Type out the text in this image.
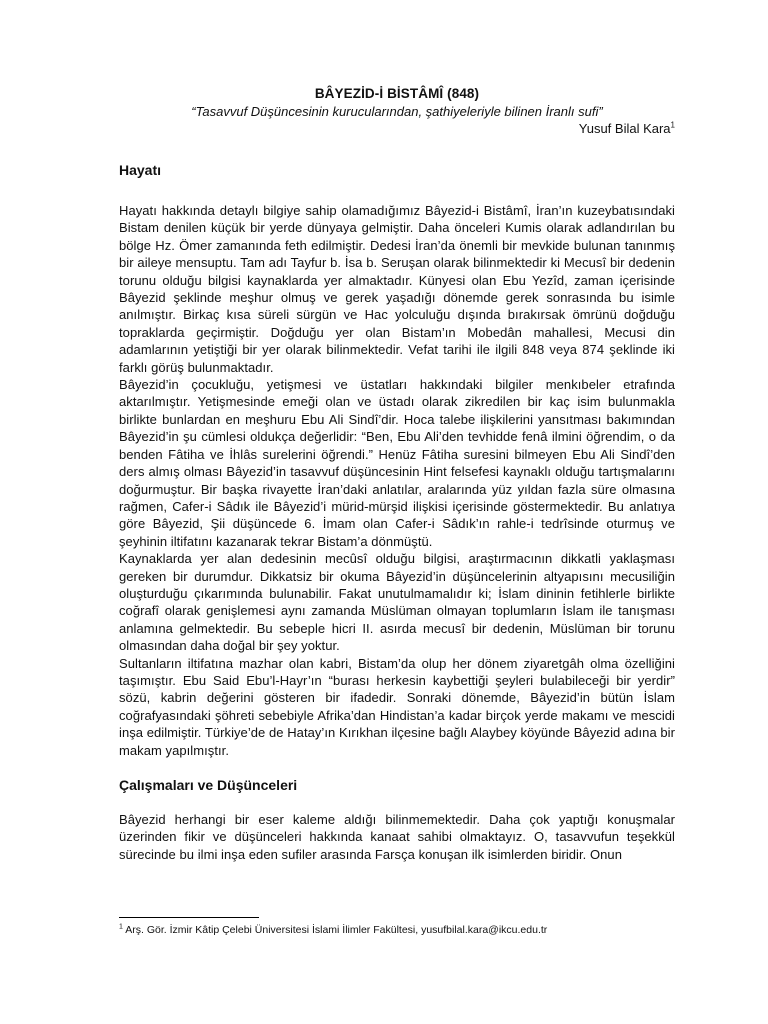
BÂYEZİD-İ BİSTÂMÎ (848)

“Tasavvuf Düşüncesinin kurucularından, şathiyeleriyle bilinen İranlı sufi”

Yusuf Bilal Kara$^1$

Hayatı

Hayatı hakkında detaylı bilgiye sahip olamadığımız Bâyezid-i Bistâmî, İran’ın kuzeybatısındaki Bistam denilen küçük bir yerde dünyaya gelmiştir. Daha önceleri Kumis olarak adlandırılan bu bölge Hz. Ömer zamanında feth edilmiştir. Dedesi İran’da önemli bir mevkide bulunan tanınmış bir aileye mensuptu. Tam adı Tayfur b. İsa b. Seruşan olarak bilinmektedir ki Mecusî bir dedenin torunu olduğu bilgisi kaynaklarda yer almaktadır. Künyesi olan Ebu Yezîd, zaman içerisinde Bâyezid şeklinde meşhur olmuş ve gerek yaşadığı dönemde gerek sonrasında bu isimle anılmıştır. Birkaç kısa süreli sürgün ve Hac yolculuğu dışında bırakırsak ömrünü doğduğu topraklarda geçirmiştir. Doğduğu yer olan Bistam’ın Mobedân mahallesi, Mecusi din adamlarının yetiştiği bir yer olarak bilinmektedir. Vefat tarihi ile ilgili 848 veya 874 şeklinde iki farklı görüş bulunmaktadır.

Bâyezid’in çocukluğu, yetişmesi ve üstatları hakkındaki bilgiler menkıbeler etrafında aktarılmıştır. Yetişmesinde emeği olan ve üstadı olarak zikredilen bir kaç isim bulunmakla birlikte bunlardan en meşhuru Ebu Ali Sindî’dir. Hoca talebe ilişkilerini yansıtması bakımından Bâyezid’in şu cümlesi oldukça değerlidir: “Ben, Ebu Ali’den tevhidde fenâ ilmini öğrendim, o da benden Fâtiha ve İhlâs surelerini öğrendi.” Henüz Fâtiha suresini bilmeyen Ebu Ali Sindî’den ders almış olması Bâyezid’in tasavvuf düşüncesinin Hint felsefesi kaynaklı olduğu tartışmalarını doğurmuştur. Bir başka rivayette İran’daki anlatılar, aralarında yüz yıldan fazla süre olmasına rağmen, Cafer-i Sâdık ile Bâyezid’i mürid-mürşid ilişkisi içerisinde göstermektedir. Bu anlatıya göre Bâyezid, Şii düşüncede 6. İmam olan Cafer-i Sâdık’ın rahle-i tedrîsinde oturmuş ve şeyhinin iltifatını kazanarak tekrar Bistam’a dönmüştü.

Kaynaklarda yer alan dedesinin mecûsî olduğu bilgisi, araştırmacının dikkatli yaklaşması gereken bir durumdur. Dikkatsiz bir okuma Bâyezid’in düşüncelerinin altyapısını mecusiliğin oluşturduğu çıkarımında bulunabilir. Fakat unutulmamalıdır ki; İslam dininin fetihlerle birlikte coğrafî olarak genişlemesi aynı zamanda Müslüman olmayan toplumların İslam ile tanışması anlamına gelmektedir. Bu sebeple hicri II. asırda mecusî bir dedenin, Müslüman bir torunu olmasından daha doğal bir şey yoktur.

Sultanların iltifatına mazhar olan kabri, Bistam’da olup her dönem ziyaretgâh olma özelliğini taşımıştır. Ebu Said Ebu’l-Hayr’ın “burası herkesin kaybettiği şeyleri bulabileceği bir yerdir” sözü, kabrin değerini gösteren bir ifadedir. Sonraki dönemde, Bâyezid’in bütün İslam coğrafyasındaki şöhreti sebebiyle Afrika’dan Hindistan’a kadar birçok yerde makamı ve mescidi inşa edilmiştir. Türkiye’de de Hatay’ın Kırıkhan ilçesine bağlı Alaybey köyünde Bâyezid adına bir makam yapılmıştır.

Çalışmaları ve Düşünceleri

Bâyezid herhangi bir eser kaleme aldığı bilinmemektedir. Daha çok yaptığı konuşmalar üzerinden fikir ve düşünceleri hakkında kanaat sahibi olmaktayız. O, tasavvufun teşekkül sürecinde bu ilmi inşa eden sufiler arasında Farsça konuşan ilk isimlerden biridir. Onun

$^1$ Arş. Gör. İzmir Kâtip Çelebi Üniversitesi İslami İlimler Fakültesi, yusufbilal.kara@ikcu.edu.tr
